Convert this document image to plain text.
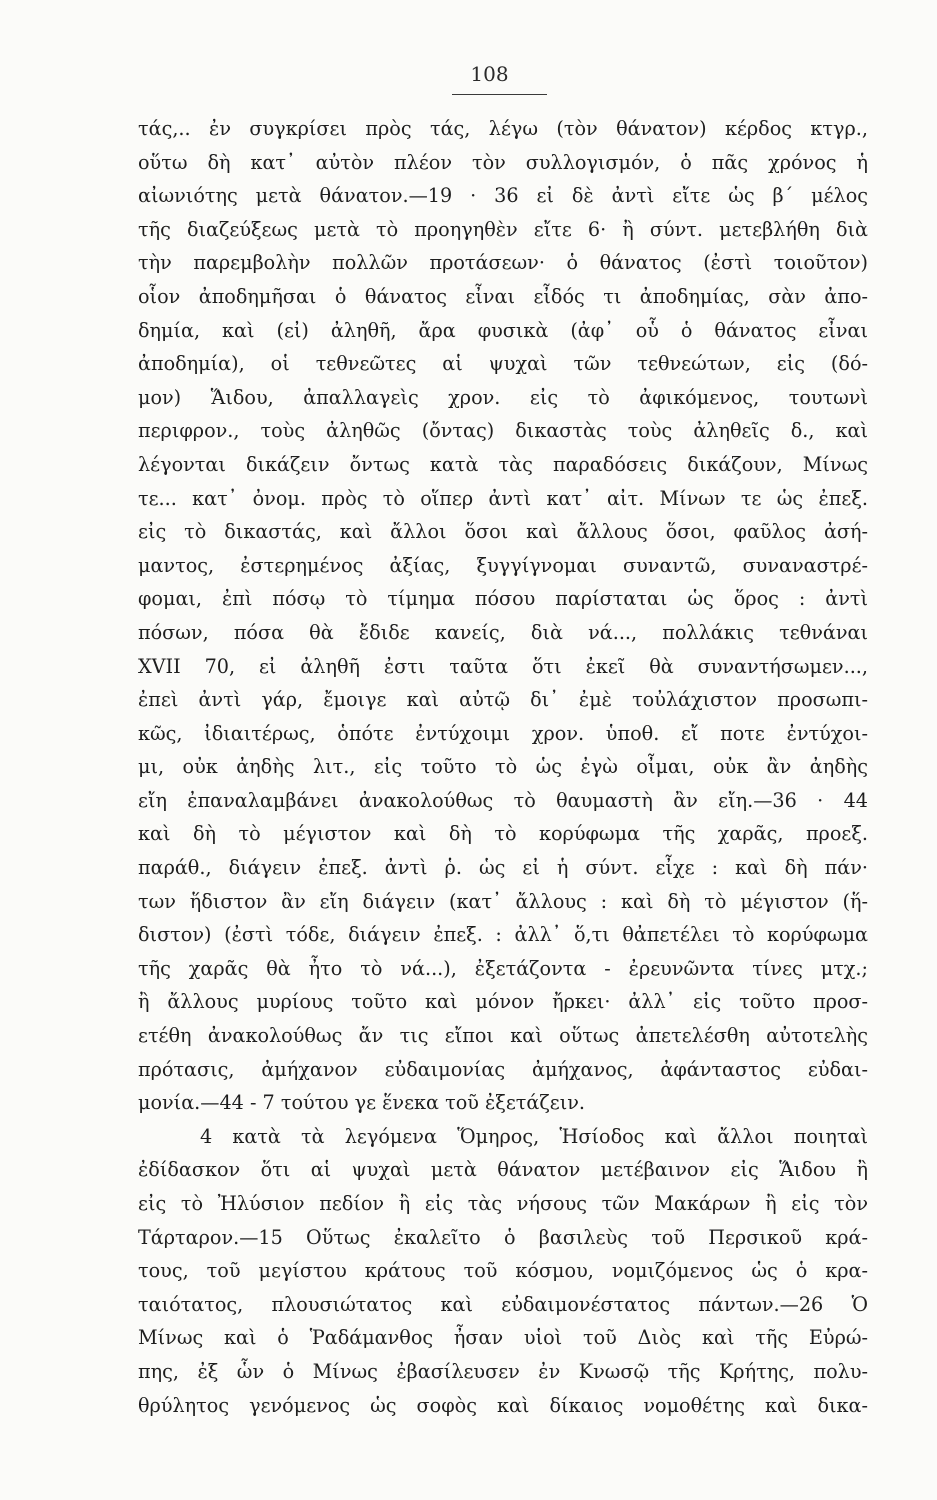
108
τάς,.. ἐν συγκρίσει πρὸς τάς, λέγω (τὸν θάνατον) κέρδος κτγρ.,
οὕτω δὴ κατ᾽ αὐτὸν πλέον τὸν συλλογισμόν, ὁ πᾶς χρόνος ἡ
αἰωνιότης μετὰ θάνατον.—19 · 36 εἰ δὲ ἀντὶ εἴτε ὡς β΄ μέλος
τῆς διαζεύξεως μετὰ τὸ προηγηθὲν εἴτε 6· ἢ σύντ. μετεβλήθη διὰ
τὴν παρεμβολὴν πολλῶν προτάσεων· ὁ θάνατος (ἐστὶ τοιοῦτον)
οἷον ἀποδημῆσαι ὁ θάνατος εἶναι εἶδός τι ἀποδημίας, σὰν ἀπο-
δημία, καὶ (εἰ) ἀληθῆ, ἄρα φυσικὰ (ἀφ᾽ οὗ ὁ θάνατος εἶναι
ἀποδημία), οἱ τεθνεῶτες αἱ ψυχαὶ τῶν τεθνεώτων, εἰς (δό-
μον) Ἅιδου, ἀπαλλαγεὶς χρον. εἰς τὸ ἀφικόμενος, τουτωνὶ
περιφρον., τοὺς ἀληθῶς (ὄντας) δικαστὰς τοὺς ἀληθεῖς δ., καὶ
λέγονται δικάζειν ὄντως κατὰ τὰς παραδόσεις δικάζουν, Μίνως
τε... κατ᾽ ὀνομ. πρὸς τὸ οἵπερ ἀντὶ κατ᾽ αἰτ. Μίνων τε ὡς ἐπεξ.
εἰς τὸ δικαστάς, καὶ ἄλλοι ὅσοι καὶ ἄλλους ὅσοι, φαῦλος ἀσή-
μαντος, ἐστερημένος ἀξίας, ξυγγίγνομαι συναντῶ, συναναστρέ-
φομαι, ἐπὶ πόσῳ τὸ τίμημα πόσου παρίσταται ὡς ὅρος : ἀντὶ
πόσων, πόσα θὰ ἔδιδε κανείς, διὰ νά..., πολλάκις τεθνάναι
XVII 70, εἰ ἀληθῆ ἐστι ταῦτα ὅτι ἐκεῖ θὰ συναντήσωμεν...,
ἐπεὶ ἀντὶ γάρ, ἔμοιγε καὶ αὐτῷ δι᾽ ἐμὲ τοὐλάχιστον προσωπι-
κῶς, ἰδιαιτέρως, ὁπότε ἐντύχοιμι χρον. ὑποθ. εἴ ποτε ἐντύχοι-
μι, οὐκ ἀηδὴς λιτ., εἰς τοῦτο τὸ ὡς ἐγὼ οἶμαι, οὐκ ἂν ἀηδὴς
εἴη ἐπαναλαμβάνει ἀνακολούθως τὸ θαυμαστὴ ἂν εἴη.—36 · 44
καὶ δὴ τὸ μέγιστον καὶ δὴ τὸ κορύφωμα τῆς χαρᾶς, προεξ.
παράθ., διάγειν ἐπεξ. ἀντὶ ῥ. ὡς εἰ ἡ σύντ. εἶχε : καὶ δὴ πάν·
των ἥδιστον ἂν εἴη διάγειν (κατ᾽ ἄλλους : καὶ δὴ τὸ μέγιστον (ἥ-
διστον) (ἐστὶ τόδε, διάγειν ἐπεξ. : ἀλλ᾽ ὅ,τι θἀπετέλει τὸ κορύφωμα
τῆς χαρᾶς θὰ ἦτο τὸ νά...), ἐξετάζοντα - ἐρευνῶντα τίνες μτχ.;
ἢ ἄλλους μυρίους τοῦτο καὶ μόνον ἤρκει· ἀλλ᾽ εἰς τοῦτο προσ-
ετέθη ἀνακολούθως ἄν τις εἴποι καὶ οὕτως ἀπετελέσθη αὐτοτελὴς
πρότασις, ἀμήχανον εὐδαιμονίας ἀμήχανος, ἀφάνταστος εὐδαι-
μονία.—44 - 7 τούτου γε ἕνεκα τοῦ ἐξετάζειν.
4 κατὰ τὰ λεγόμενα Ὅμηρος, Ἡσίοδος καὶ ἄλλοι ποιηταὶ
ἐδίδασκον ὅτι αἱ ψυχαὶ μετὰ θάνατον μετέβαινον εἰς Ἅιδου ἢ
εἰς τὸ Ἠλύσιον πεδίον ἢ εἰς τὰς νήσους τῶν Μακάρων ἢ εἰς τὸν
Τάρταρον.—15 Οὕτως ἐκαλεῖτο ὁ βασιλεὺς τοῦ Περσικοῦ κρά-
τους, τοῦ μεγίστου κράτους τοῦ κόσμου, νομιζόμενος ὡς ὁ κρα-
ταιότατος, πλουσιώτατος καὶ εὐδαιμονέστατος πάντων.—26 Ὁ
Μίνως καὶ ὁ Ῥαδάμανθος ἦσαν υἱοὶ τοῦ Διὸς καὶ τῆς Εὐρώ-
πης, ἐξ ὧν ὁ Μίνως ἐβασίλευσεν ἐν Κνωσῷ τῆς Κρήτης, πολυ-
θρύλητος γενόμενος ὡς σοφὸς καὶ δίκαιος νομοθέτης καὶ δικα-
